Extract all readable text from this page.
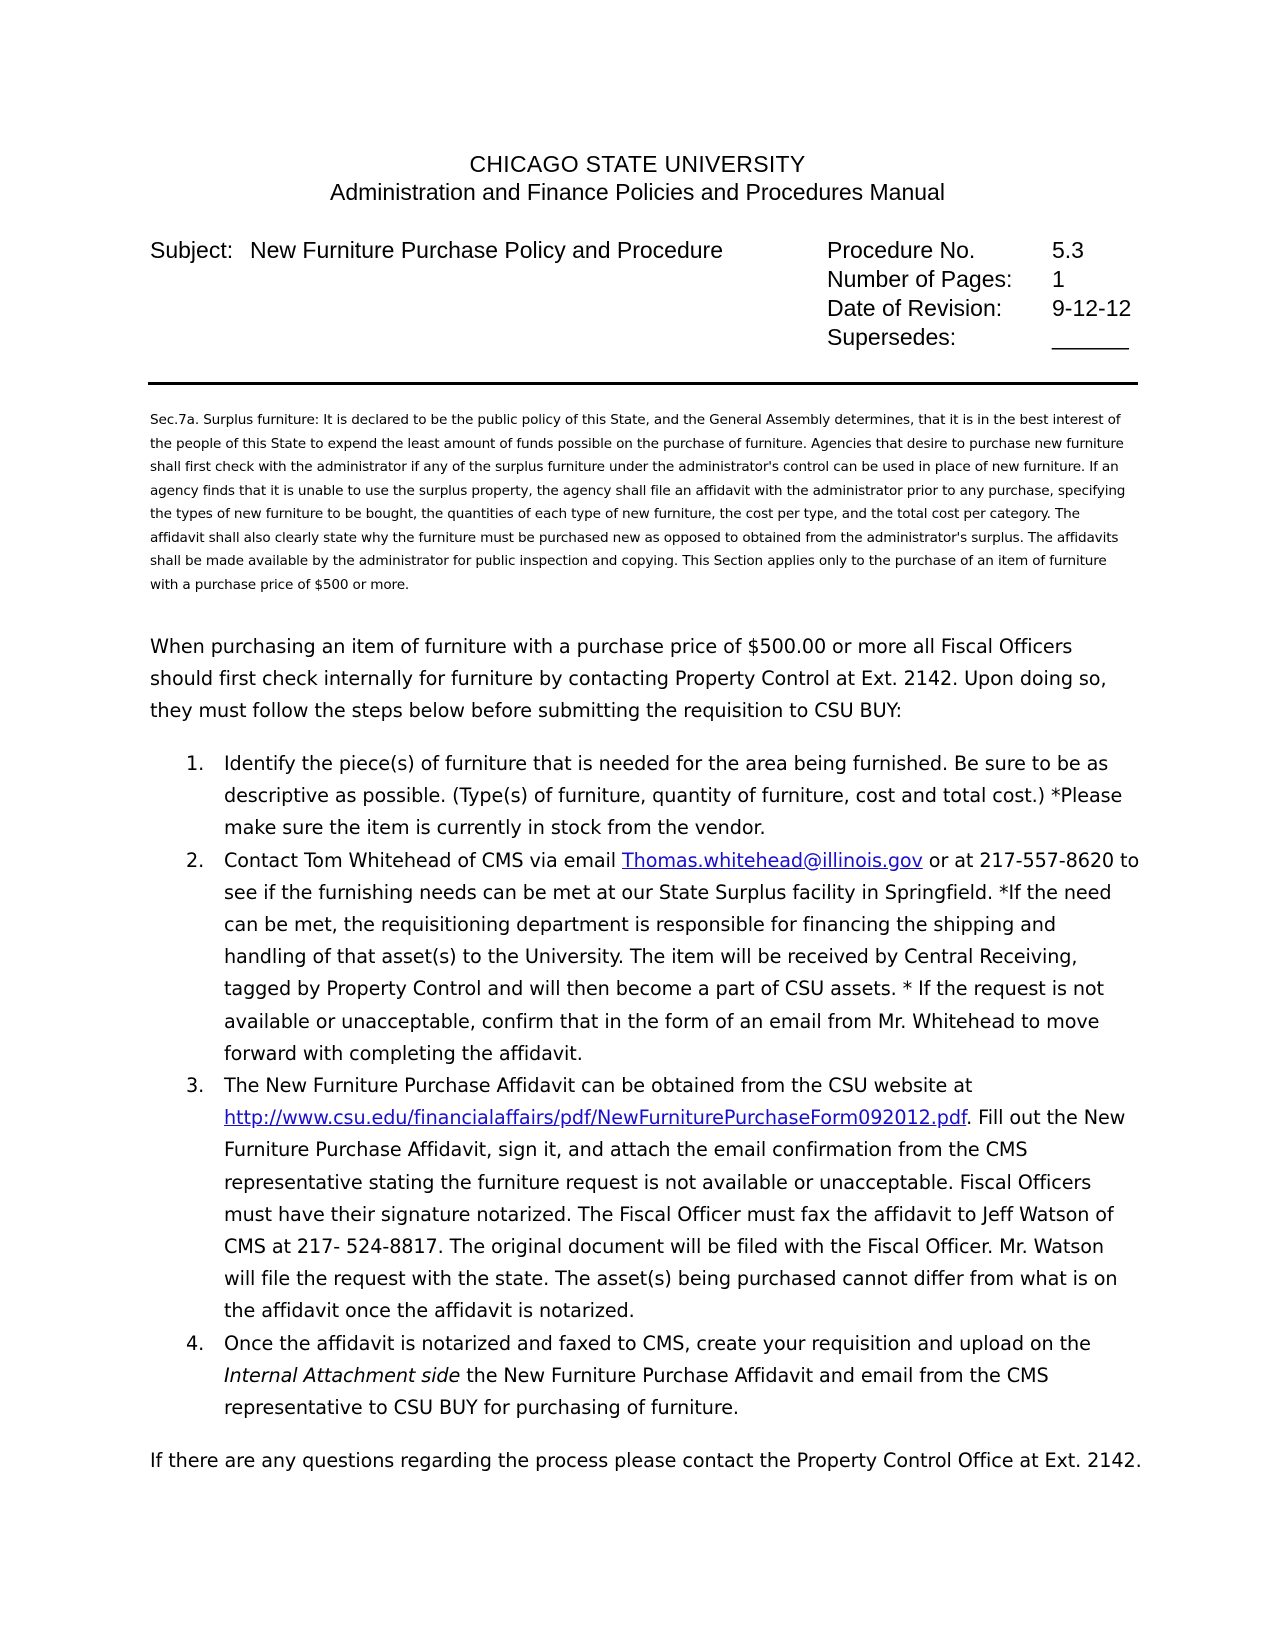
CHICAGO STATE UNIVERSITY
Administration and Finance Policies and Procedures Manual
Subject: New Furniture Purchase Policy and Procedure	Procedure No.	5.3
Number of Pages:	1
Date of Revision:	9-12-12
Supersedes:	______
Sec.7a. Surplus furniture: It is declared to be the public policy of this State, and the General Assembly determines, that it is in the best interest of the people of this State to expend the least amount of funds possible on the purchase of furniture. Agencies that desire to purchase new furniture shall first check with the administrator if any of the surplus furniture under the administrator's control can be used in place of new furniture. If an agency finds that it is unable to use the surplus property, the agency shall file an affidavit with the administrator prior to any purchase, specifying the types of new furniture to be bought, the quantities of each type of new furniture, the cost per type, and the total cost per category. The affidavit shall also clearly state why the furniture must be purchased new as opposed to obtained from the administrator's surplus. The affidavits shall be made available by the administrator for public inspection and copying. This Section applies only to the purchase of an item of furniture with a purchase price of $500 or more.
When purchasing an item of furniture with a purchase price of $500.00 or more all Fiscal Officers should first check internally for furniture by contacting Property Control at Ext. 2142. Upon doing so, they must follow the steps below before submitting the requisition to CSU BUY:
1.	Identify the piece(s) of furniture that is needed for the area being furnished. Be sure to be as descriptive as possible. (Type(s) of furniture, quantity of furniture, cost and total cost.) *Please make sure the item is currently in stock from the vendor.
2.	Contact Tom Whitehead of CMS via email Thomas.whitehead@illinois.gov or at 217-557-8620 to see if the furnishing needs can be met at our State Surplus facility in Springfield. *If the need can be met, the requisitioning department is responsible for financing the shipping and handling of that asset(s) to the University. The item will be received by Central Receiving, tagged by Property Control and will then become a part of CSU assets. * If the request is not available or unacceptable, confirm that in the form of an email from Mr. Whitehead to move forward with completing the affidavit.
3.	The New Furniture Purchase Affidavit can be obtained from the CSU website at http://www.csu.edu/financialaffairs/pdf/NewFurniturePurchaseForm092012.pdf. Fill out the New Furniture Purchase Affidavit, sign it, and attach the email confirmation from the CMS representative stating the furniture request is not available or unacceptable. Fiscal Officers must have their signature notarized. The Fiscal Officer must fax the affidavit to Jeff Watson of CMS at 217- 524-8817. The original document will be filed with the Fiscal Officer. Mr. Watson will file the request with the state. The asset(s) being purchased cannot differ from what is on the affidavit once the affidavit is notarized.
4.	Once the affidavit is notarized and faxed to CMS, create your requisition and upload on the Internal Attachment side the New Furniture Purchase Affidavit and email from the CMS representative to CSU BUY for purchasing of furniture.
If there are any questions regarding the process please contact the Property Control Office at Ext. 2142.
